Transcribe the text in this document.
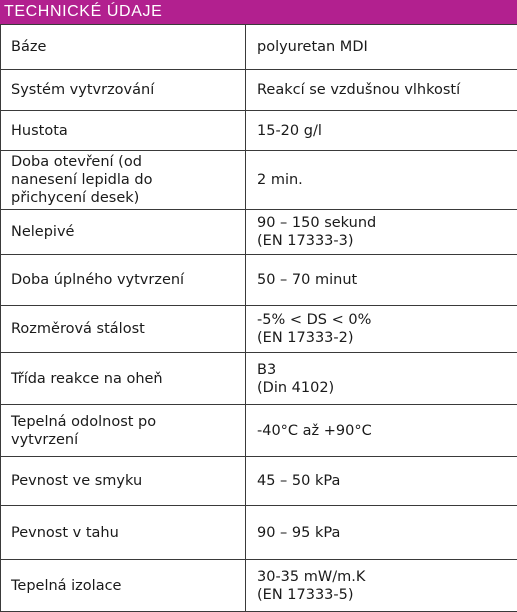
TECHNICKÉ ÚDAJE
Báze	polyuretan MDI

Systém vytvrzování	Reakcí se vzdušnou vlhkostí

Hustota	15-20 g/l

Doba otevření (od
nanesení lepidla do
přichycení desek)	2 min.

Nelepivé	90 – 150 sekund
(EN 17333-3)

Doba úplného vytvrzení	50 – 70 minut

Rozměrová stálost	-5% < DS < 0%
(EN 17333-2)

Třída reakce na oheň	B3
(Din 4102)

Tepelná odolnost po
vytvrzení	-40°C až +90°C

Pevnost ve smyku	45 – 50 kPa

Pevnost v tahu	90 – 95 kPa

Tepelná izolace	30-35 mW/m.K
(EN 17333-5)
